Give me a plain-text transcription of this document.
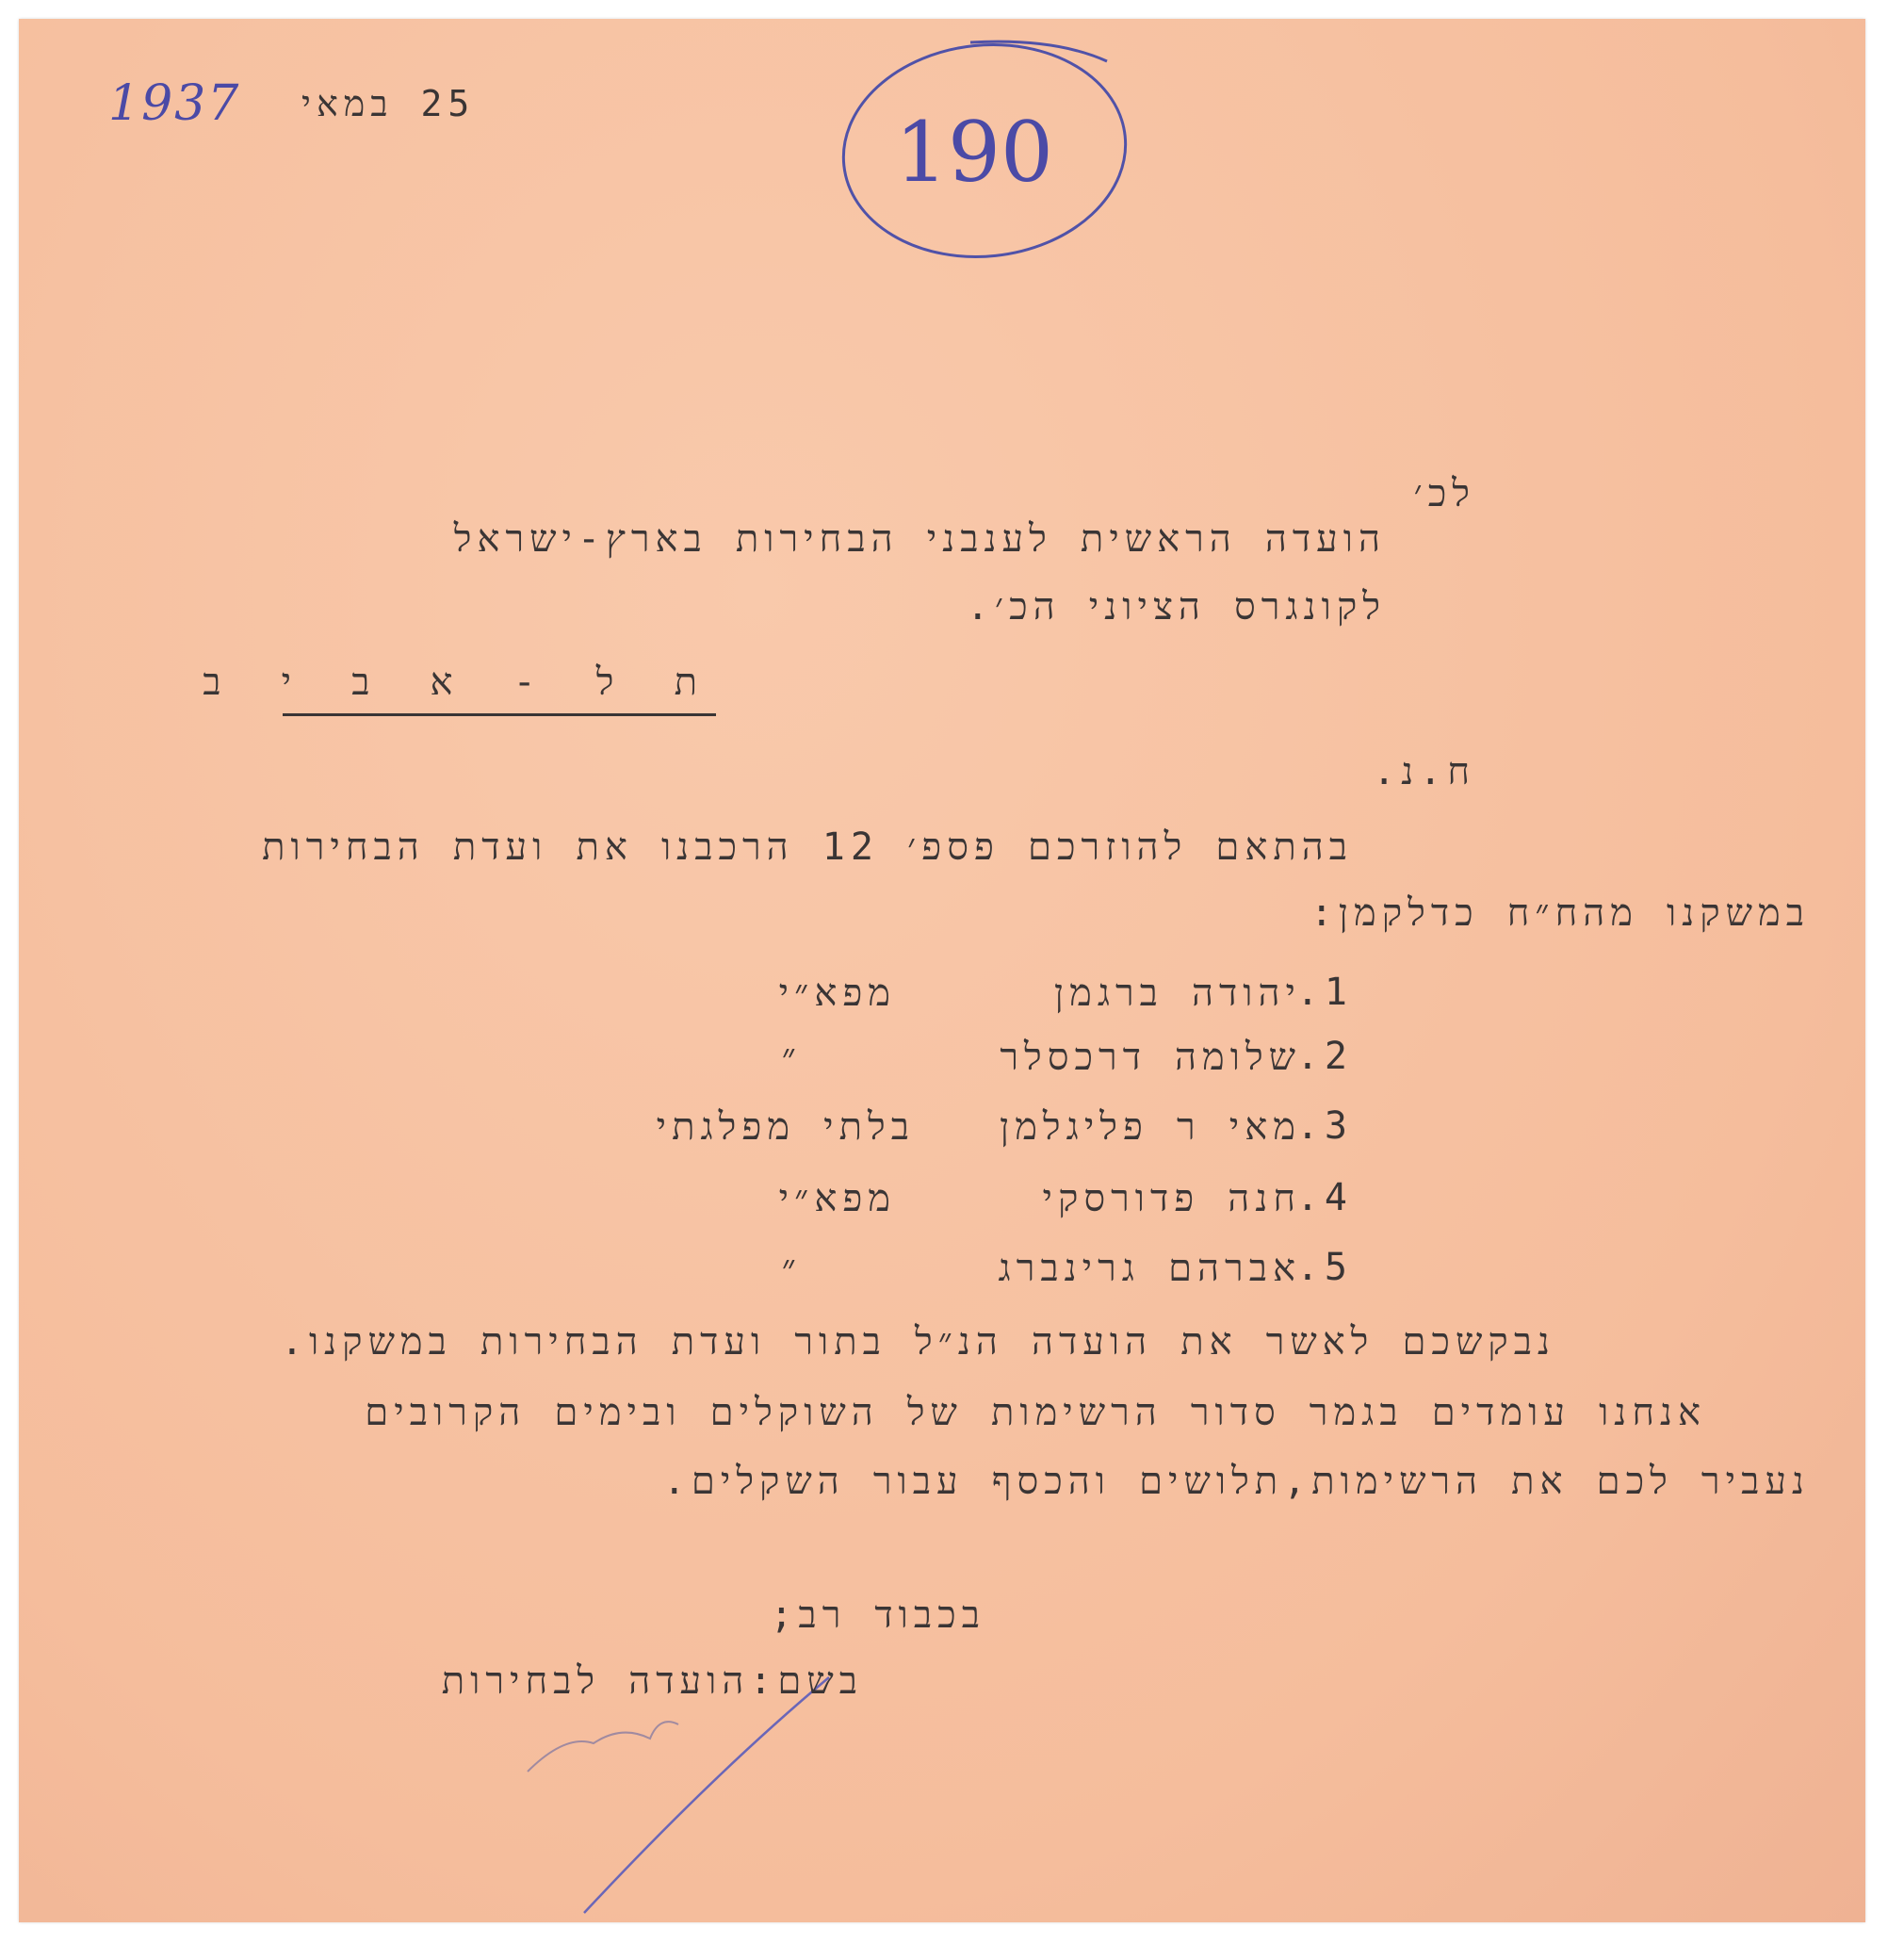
1937 25 במאי	190
לכ׳
הועדה הראשית לענבני הבחירות בארץ-ישראל
לקונגרס הציוני הכ׳.
ת ל - א ב י ב
ח.נ.
בהתאם להוזרכם פספ׳ 12 הרכבנו את ועדת הבחירות
במשקנו מהח״ח כדלקמן:
1.
יהודה ברגמן
מפא״י
2.
שלומה דרכסלר
״
3.
מאי ר פליגלמן
בלתי מפלגתי
4.
חנה פדורסקי
מפא״י
5.
אברהם גרינברג
״
נבקשכם לאשר את הועדה הנ״ל בתור ועדת הבחירות במשקנו.
אנחנו עומדים בגמר סדור הרשימות של השוקלים ובימים הקרובים
נעביר לכם את הרשימות,תלושים והכסף עבור השקלים.
בכבוד רב;
בשם:הועדה לבחירות
